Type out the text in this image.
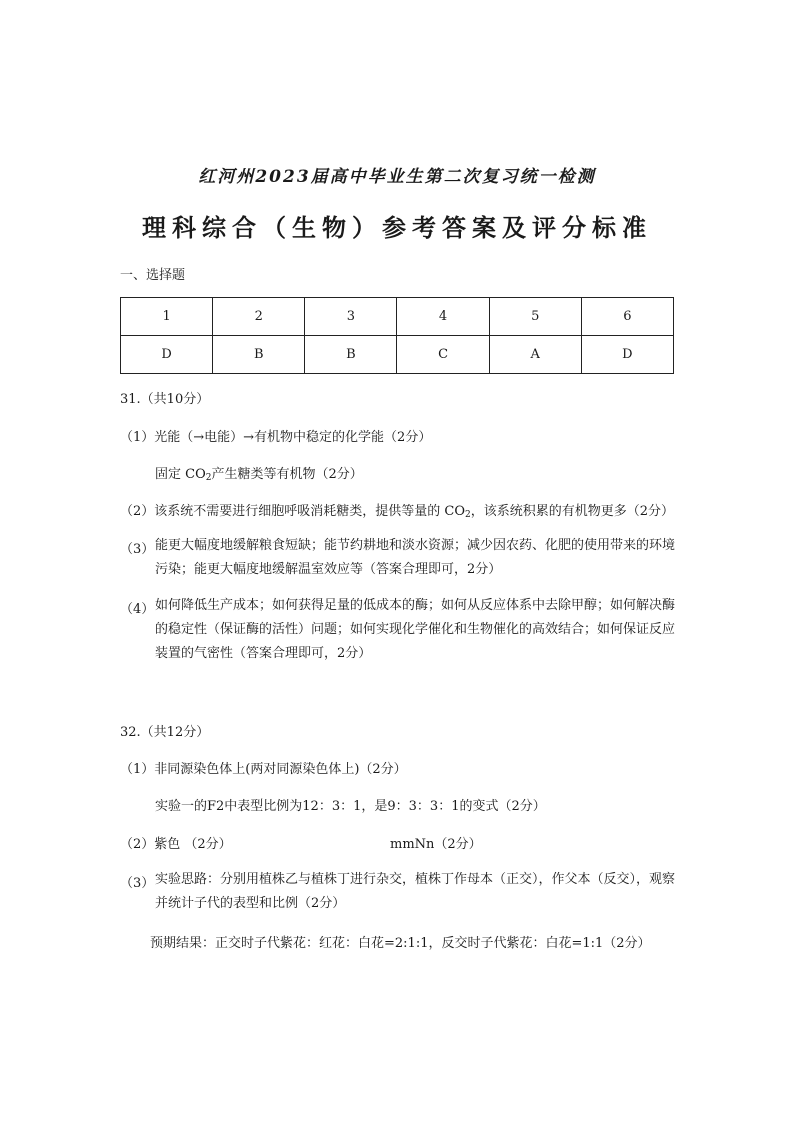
红河州2023届高中毕业生第二次复习统一检测
理科综合（生物）参考答案及评分标准
一、选择题
1	2	3	4	5	6
D	B	B	C	A	D
31.（共10分）
（1）光能（→电能）→有机物中稳定的化学能（2分）
固定 CO2产生糖类等有机物（2分）
（2）该系统不需要进行细胞呼吸消耗糖类，提供等量的 CO2，该系统积累的有机物更多（2分）
（3） 能更大幅度地缓解粮食短缺；能节约耕地和淡水资源；减少因农药、化肥的使用带来的环境污染；能更大幅度地缓解温室效应等（答案合理即可，2分）
（4） 如何降低生产成本；如何获得足量的低成本的酶；如何从反应体系中去除甲醇；如何解决酶的稳定性（保证酶的活性）问题；如何实现化学催化和生物催化的高效结合；如何保证反应装置的气密性（答案合理即可，2分）
32.（共12分）
（1）非同源染色体上(两对同源染色体上)（2分）
实验一的F2中表型比例为12：3：1，是9：3：3：1的变式（2分）
（2）紫色 （2分）	mmNn（2分）
（3） 实验思路：分别用植株乙与植株丁进行杂交，植株丁作母本（正交），作父本（反交），观察并统计子代的表型和比例（2分）
预期结果：正交时子代紫花：红花：白花=2:1:1，反交时子代紫花：白花=1:1（2分）
